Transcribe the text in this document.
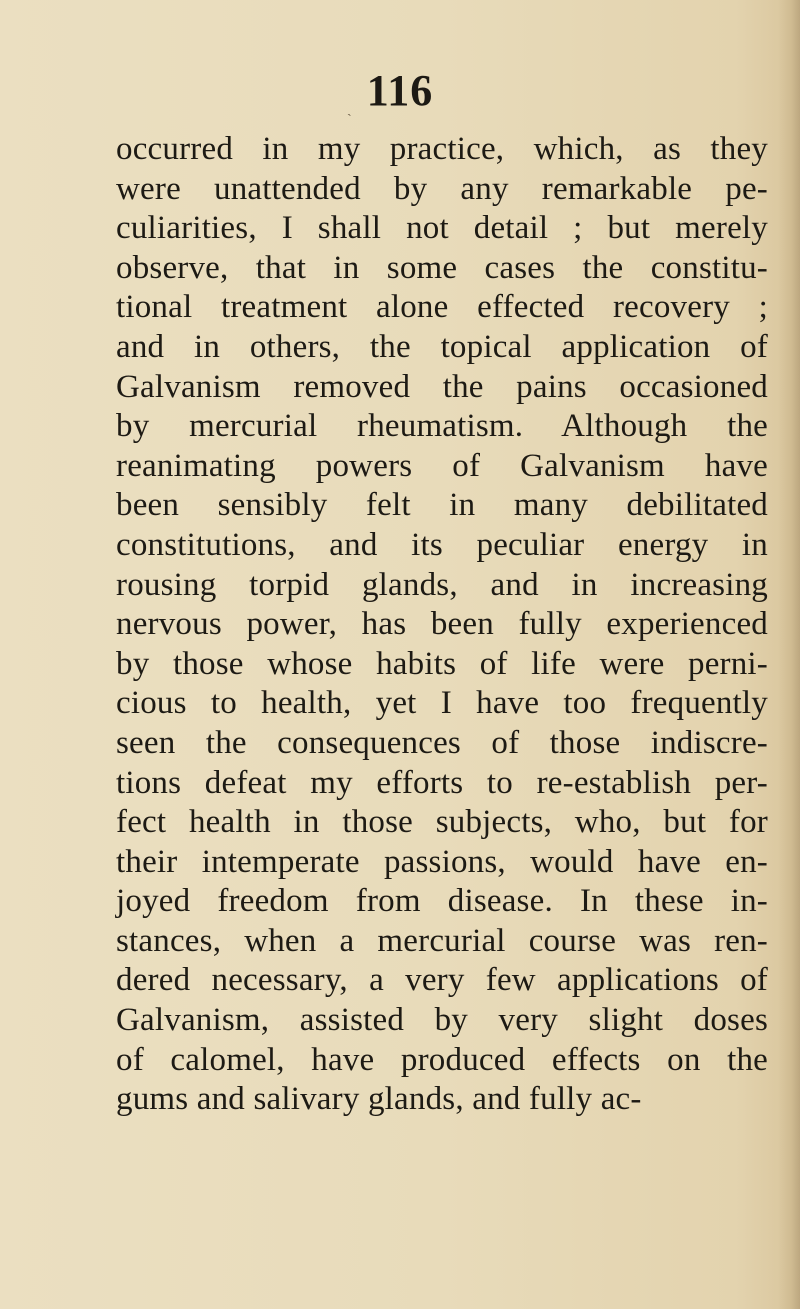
116
ˎ
occurred in my practice, which, as they
were unattended by any remarkable pe-
culiarities, I shall not detail ; but merely
observe, that in some cases the constitu-
tional treatment alone effected recovery ;
and in others, the topical application of
Galvanism removed the pains occasioned
by mercurial rheumatism. Although the
reanimating powers of Galvanism have
been sensibly felt in many debilitated
constitutions, and its peculiar energy in
rousing torpid glands, and in increasing
nervous power, has been fully experienced
by those whose habits of life were perni-
cious to health, yet I have too frequently
seen the consequences of those indiscre-
tions defeat my efforts to re-establish per-
fect health in those subjects, who, but for
their intemperate passions, would have en-
joyed freedom from disease. In these in-
stances, when a mercurial course was ren-
dered necessary, a very few applications of
Galvanism, assisted by very slight doses
of calomel, have produced effects on the
gums and salivary glands, and fully ac-
